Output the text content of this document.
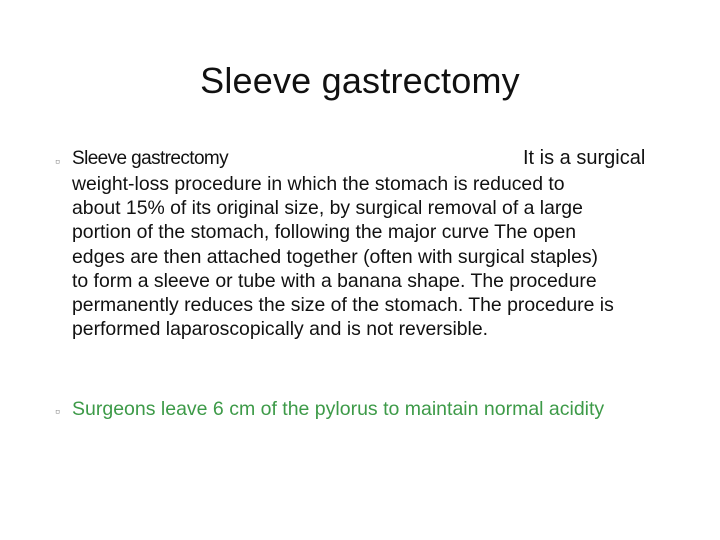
Sleeve gastrectomy
▫ Sleeve gastrectomy	It is a surgical

weight-loss procedure in which the stomach is reduced to
about 15% of its original size, by surgical removal of a large
portion of the stomach, following the major curve The open
edges are then attached together (often with surgical staples)
to form a sleeve or tube with a banana shape. The procedure
permanently reduces the size of the stomach. The procedure is
performed laparoscopically and is not reversible.

▫ Surgeons leave 6 cm of the pylorus to maintain normal acidity
